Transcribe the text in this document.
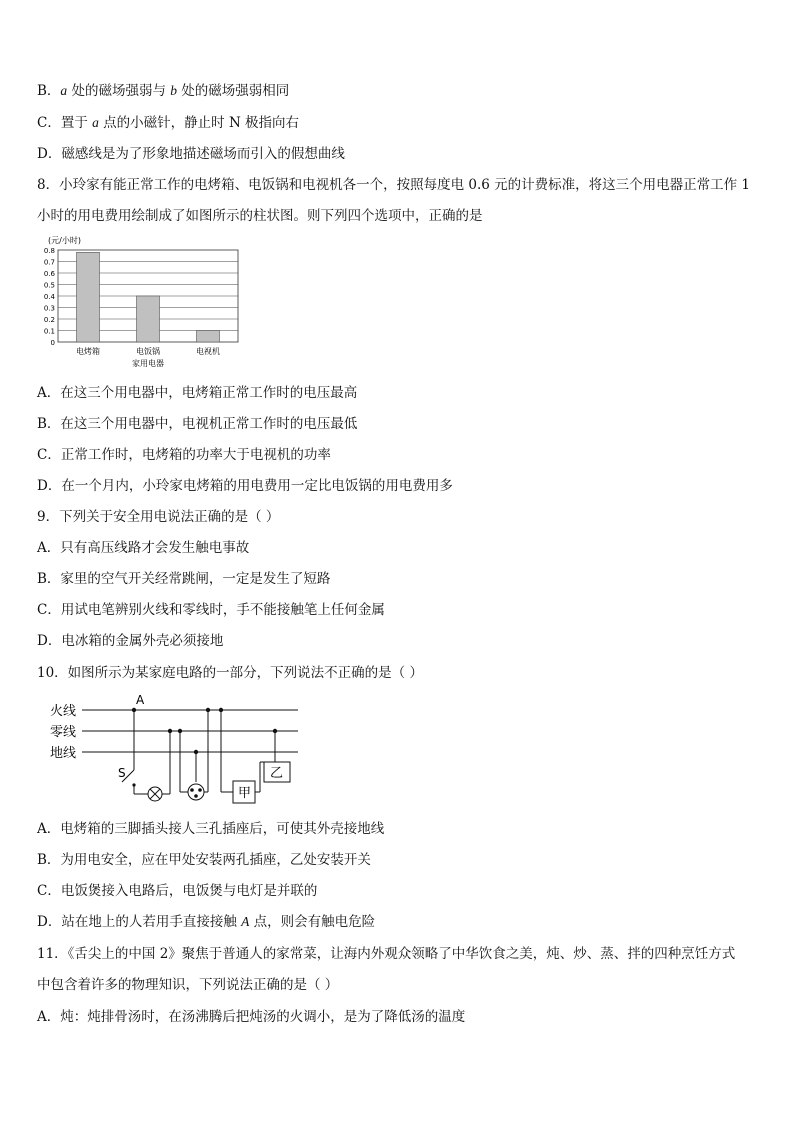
B．a 处的磁场强弱与 b 处的磁场强弱相同
C．置于 a 点的小磁针，静止时 N 极指向右
D．磁感线是为了形象地描述磁场而引入的假想曲线
8．小玲家有能正常工作的电烤箱、电饭锅和电视机各一个，按照每度电 0.6 元的计费标准，将这三个用电器正常工作 1
小时的用电费用绘制成了如图所示的柱状图。则下列四个选项中，正确的是
(元/小时)
0
0.1
0.2
0.3
0.4
0.5
0.6
0.7
0.8
电烤箱	电饭锅	电视机
家用电器
A．在这三个用电器中，电烤箱正常工作时的电压最高
B．在这三个用电器中，电视机正常工作时的电压最低
C．正常工作时，电烤箱的功率大于电视机的功率
D．在一个月内，小玲家电烤箱的用电费用一定比电饭锅的用电费用多
9．下列关于安全用电说法正确的是（ ）
A．只有高压线路才会发生触电事故
B．家里的空气开关经常跳闸，一定是发生了短路
C．用试电笔辨别火线和零线时，手不能接触笔上任何金属
D．电冰箱的金属外壳必须接地
10．如图所示为某家庭电路的一部分，下列说法不正确的是（ ）
火线
零线
地线
A
S
甲
乙
A．电烤箱的三脚插头接人三孔插座后，可使其外壳接地线
B．为用电安全，应在甲处安装两孔插座，乙处安装开关
C．电饭煲接入电路后，电饭煲与电灯是并联的
D．站在地上的人若用手直接接触 A 点，则会有触电危险
11．《舌尖上的中国 2》聚焦于普通人的家常菜，让海内外观众领略了中华饮食之美，炖、炒、蒸、拌的四种烹饪方式
中包含着许多的物理知识，下列说法正确的是（ ）
A．炖：炖排骨汤时，在汤沸腾后把炖汤的火调小，是为了降低汤的温度
